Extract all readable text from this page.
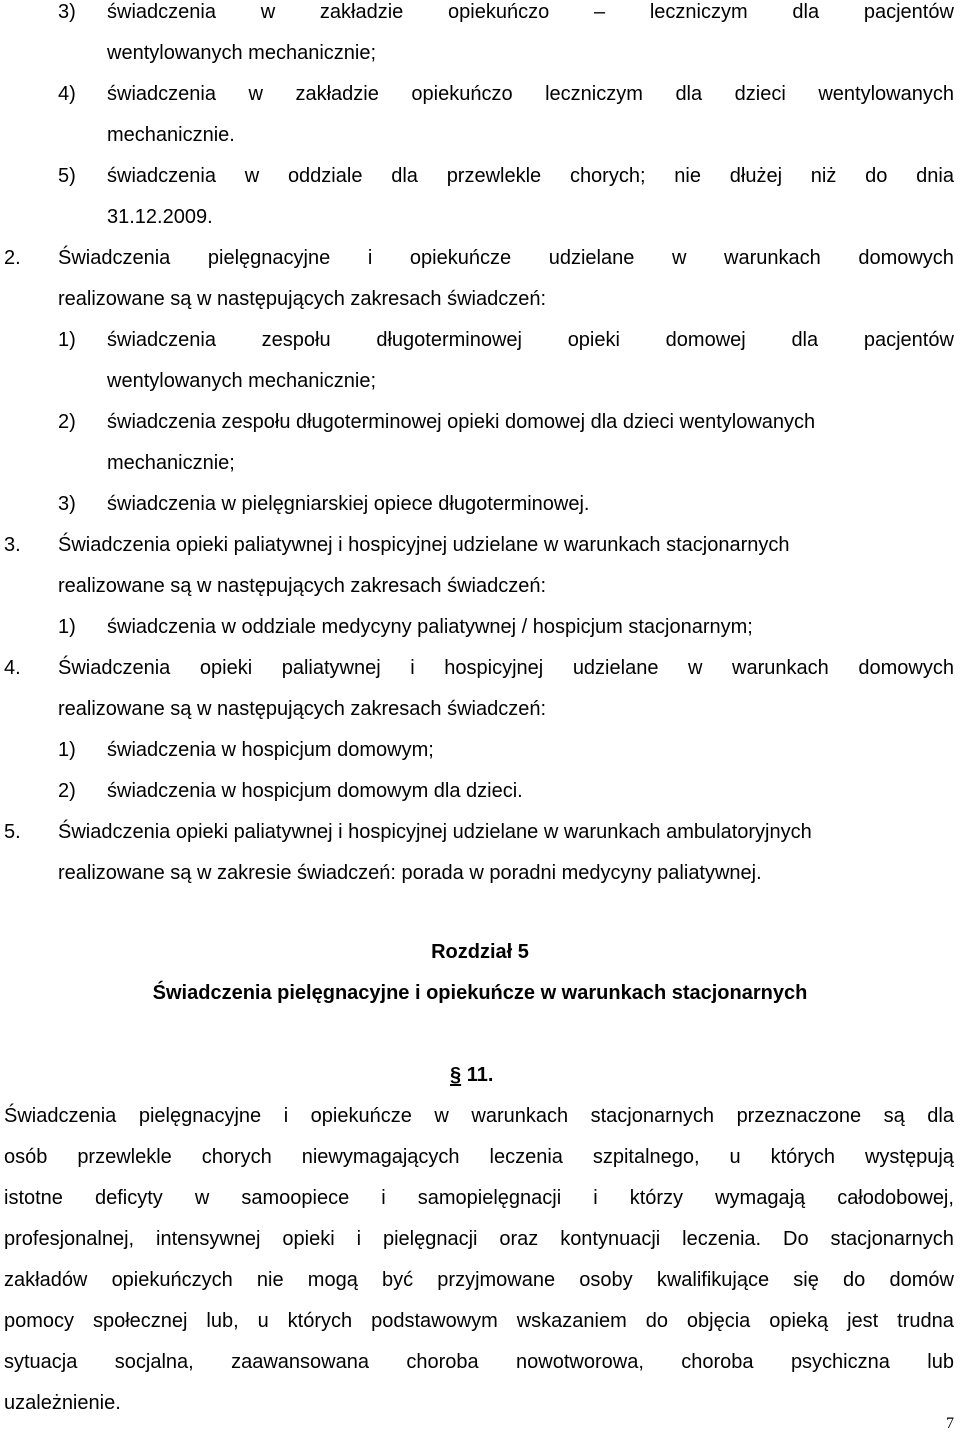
3) świadczenia w zakładzie opiekuńczo – leczniczym dla pacjentów
wentylowanych mechanicznie;
4) świadczenia w zakładzie opiekuńczo leczniczym dla dzieci wentylowanych
mechanicznie.
5) świadczenia w oddziale dla przewlekle chorych; nie dłużej niż do dnia
31.12.2009.
2. Świadczenia pielęgnacyjne i opiekuńcze udzielane w warunkach domowych
realizowane są w następujących zakresach świadczeń:
1) świadczenia zespołu długoterminowej opieki domowej dla pacjentów
wentylowanych mechanicznie;
2) świadczenia zespołu długoterminowej opieki domowej dla dzieci wentylowanych
mechanicznie;
3) świadczenia w pielęgniarskiej opiece długoterminowej.
3. Świadczenia opieki paliatywnej i hospicyjnej udzielane w warunkach stacjonarnych
realizowane są w następujących zakresach świadczeń:
1) świadczenia w oddziale medycyny paliatywnej / hospicjum stacjonarnym;
4. Świadczenia opieki paliatywnej i hospicyjnej udzielane w warunkach domowych
realizowane są w następujących zakresach świadczeń:
1) świadczenia w hospicjum domowym;
2) świadczenia w hospicjum domowym dla dzieci.
5. Świadczenia opieki paliatywnej i hospicyjnej udzielane w warunkach ambulatoryjnych
realizowane są w zakresie świadczeń: porada w poradni medycyny paliatywnej.
Rozdział 5
Świadczenia pielęgnacyjne i opiekuńcze w warunkach stacjonarnych
§ 11.
Świadczenia pielęgnacyjne i opiekuńcze w warunkach stacjonarnych przeznaczone są dla
osób przewlekle chorych niewymagających leczenia szpitalnego, u których występują
istotne deficyty w samoopiece i samopielęgnacji i którzy wymagają całodobowej,
profesjonalnej, intensywnej opieki i pielęgnacji oraz kontynuacji leczenia. Do stacjonarnych
zakładów opiekuńczych nie mogą być przyjmowane osoby kwalifikujące się do domów
pomocy społecznej lub, u których podstawowym wskazaniem do objęcia opieką jest trudna
sytuacja socjalna, zaawansowana choroba nowotworowa, choroba psychiczna lub
uzależnienie.
7
